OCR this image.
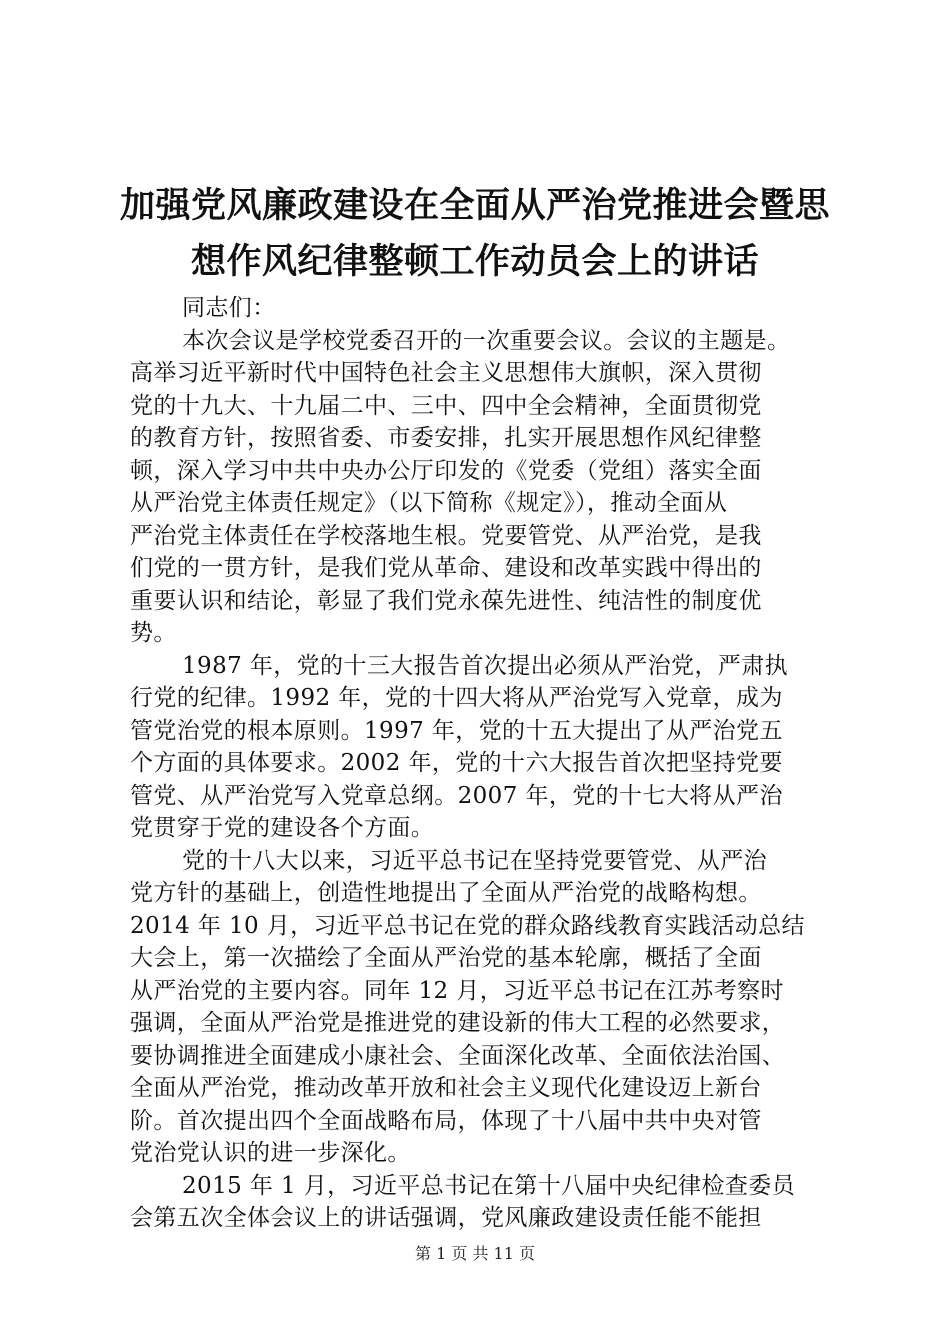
加强党风廉政建设在全面从严治党推进会暨思
想作风纪律整顿工作动员会上的讲话
同志们：
本次会议是学校党委召开的一次重要会议。会议的主题是。
高举习近平新时代中国特色社会主义思想伟大旗帜，深入贯彻
党的十九大、十九届二中、三中、四中全会精神，全面贯彻党
的教育方针，按照省委、市委安排，扎实开展思想作风纪律整
顿，深入学习中共中央办公厅印发的《党委（党组）落实全面
从严治党主体责任规定》（以下简称《规定》），推动全面从
严治党主体责任在学校落地生根。党要管党、从严治党，是我
们党的一贯方针，是我们党从革命、建设和改革实践中得出的
重要认识和结论，彰显了我们党永葆先进性、纯洁性的制度优
势。
1987 年，党的十三大报告首次提出必须从严治党，严肃执
行党的纪律。1992 年，党的十四大将从严治党写入党章，成为
管党治党的根本原则。1997 年，党的十五大提出了从严治党五
个方面的具体要求。2002 年，党的十六大报告首次把坚持党要
管党、从严治党写入党章总纲。2007 年，党的十七大将从严治
党贯穿于党的建设各个方面。
党的十八大以来，习近平总书记在坚持党要管党、从严治
党方针的基础上，创造性地提出了全面从严治党的战略构想。
2014 年 10 月，习近平总书记在党的群众路线教育实践活动总结
大会上，第一次描绘了全面从严治党的基本轮廓，概括了全面
从严治党的主要内容。同年 12 月，习近平总书记在江苏考察时
强调，全面从严治党是推进党的建设新的伟大工程的必然要求，
要协调推进全面建成小康社会、全面深化改革、全面依法治国、
全面从严治党，推动改革开放和社会主义现代化建设迈上新台
阶。首次提出四个全面战略布局，体现了十八届中共中央对管
党治党认识的进一步深化。
2015 年 1 月，习近平总书记在第十八届中央纪律检查委员
会第五次全体会议上的讲话强调，党风廉政建设责任能不能担
第 1 页 共 11 页
